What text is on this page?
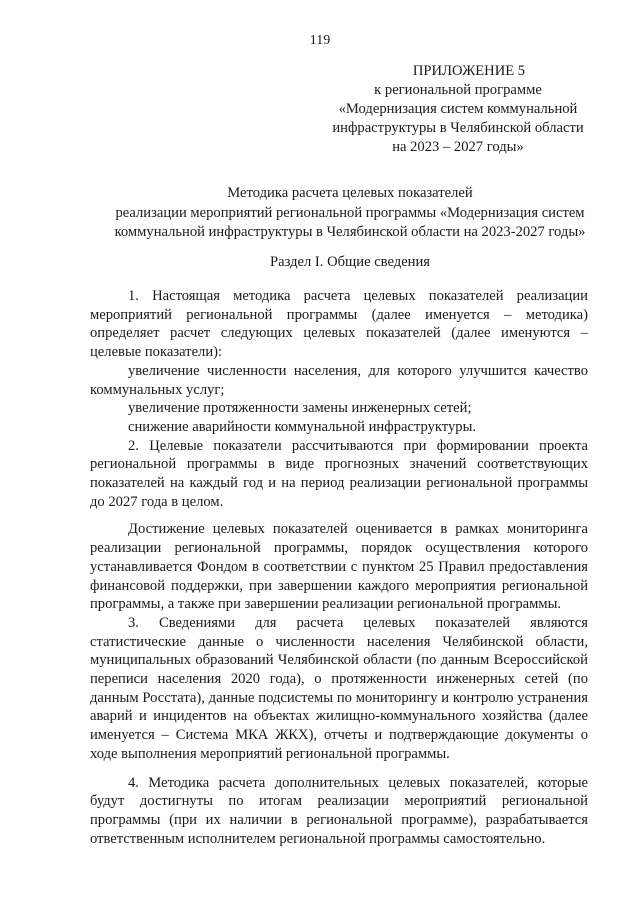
119
ПРИЛОЖЕНИЕ 5
к региональной программе
«Модернизация систем коммунальной
инфраструктуры в Челябинской области
на 2023 – 2027 годы»
Методика расчета целевых показателей
реализации мероприятий региональной программы «Модернизация систем
коммунальной инфраструктуры в Челябинской области на 2023-2027 годы»
Раздел I. Общие сведения

1. Настоящая методика расчета целевых показателей реализации мероприятий региональной программы (далее именуется – методика) определяет расчет следующих целевых показателей (далее именуются – целевые показатели):

увеличение численности населения, для которого улучшится качество коммунальных услуг;

увеличение протяженности замены инженерных сетей;

снижение аварийности коммунальной инфраструктуры.

2. Целевые показатели рассчитываются при формировании проекта региональной программы в виде прогнозных значений соответствующих показателей на каждый год и на период реализации региональной программы до 2027 года в целом.

Достижение целевых показателей оценивается в рамках мониторинга реализации региональной программы, порядок осуществления которого устанавливается Фондом в соответствии с пунктом 25 Правил предоставления финансовой поддержки, при завершении каждого мероприятия региональной программы, а также при завершении реализации региональной программы.

3. Сведениями для расчета целевых показателей являются статистические данные о численности населения Челябинской области, муниципальных образований Челябинской области (по данным Всероссийской переписи населения 2020 года), о протяженности инженерных сетей (по данным Росстата), данные подсистемы по мониторингу и контролю устранения аварий и инцидентов на объектах жилищно-коммунального хозяйства (далее именуется – Система МКА ЖКХ), отчеты и подтверждающие документы о ходе выполнения мероприятий региональной программы.

4. Методика расчета дополнительных целевых показателей, которые будут достигнуты по итогам реализации мероприятий региональной программы (при их наличии в региональной программе), разрабатывается ответственным исполнителем региональной программы самостоятельно.
